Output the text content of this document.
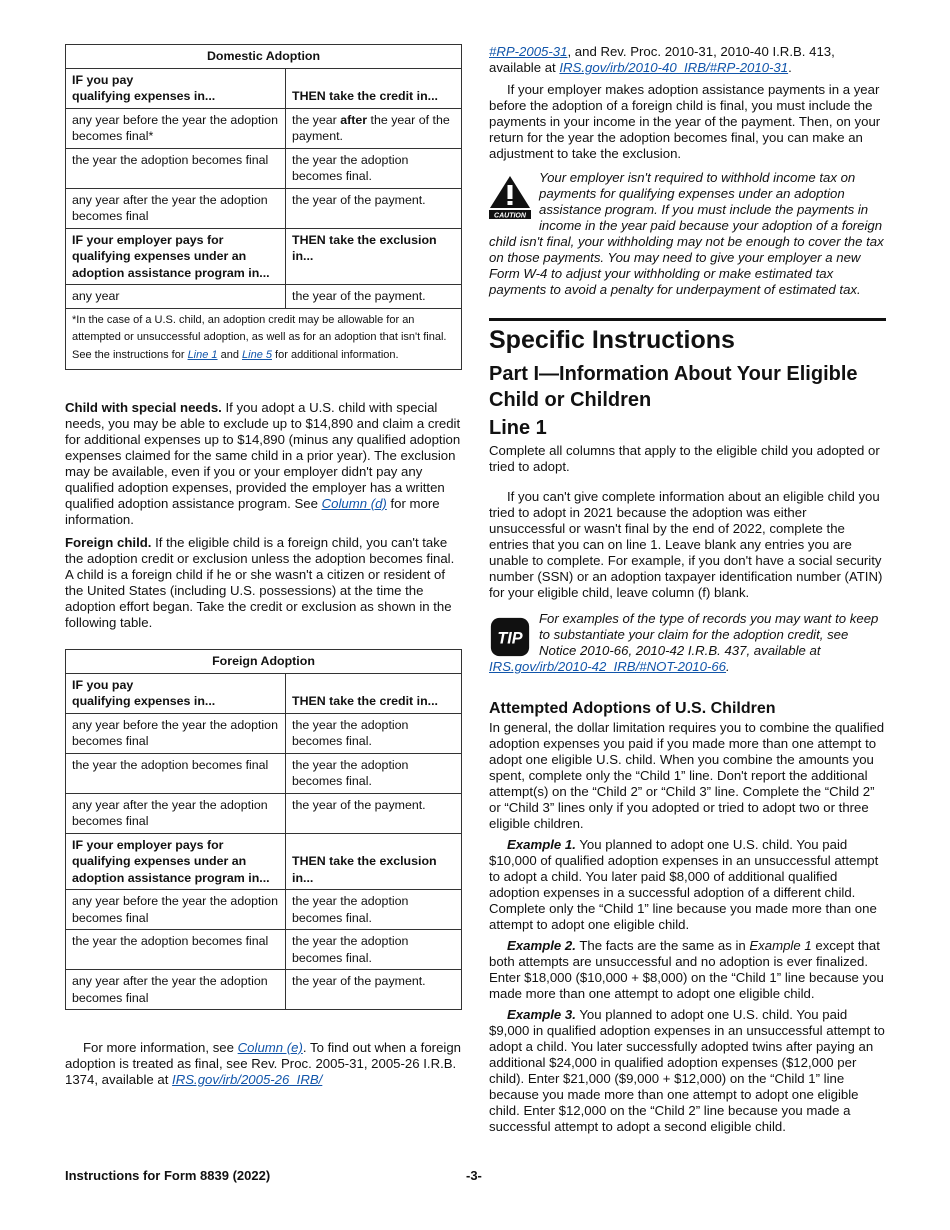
Domestic Adoption	
IF you pay
qualifying expenses in...	THEN take the credit in...
any year before the year the adoption becomes final*	the year after the year of the payment.
the year the adoption becomes final	the year the adoption becomes final.
any year after the year the adoption becomes final	the year of the payment.
IF your employer pays for qualifying expenses under an adoption assistance program in...	THEN take the exclusion in...
any year	the year of the payment.
*In the case of a U.S. child, an adoption credit may be allowable for an attempted or unsuccessful adoption, as well as for an adoption that isn't final. See the instructions for Line 1 and Line 5 for additional information.	

Child with special needs. If you adopt a U.S. child with special needs, you may be able to exclude up to $14,890 and claim a credit for additional expenses up to $14,890 (minus any qualified adoption expenses claimed for the same child in a prior year). The exclusion may be available, even if you or your employer didn't pay any qualified adoption expenses, provided the employer has a written qualified adoption assistance program. See Column (d) for more information.

Foreign child. If the eligible child is a foreign child, you can't take the adoption credit or exclusion unless the adoption becomes final. A child is a foreign child if he or she wasn't a citizen or resident of the United States (including U.S. possessions) at the time the adoption effort began. Take the credit or exclusion as shown in the following table.

Foreign Adoption	
IF you pay
qualifying expenses in...	THEN take the credit in...
any year before the year the adoption becomes final	the year the adoption becomes final.
the year the adoption becomes final	the year the adoption becomes final.
any year after the year the adoption becomes final	the year of the payment.
IF your employer pays for qualifying expenses under an adoption assistance program in...	THEN take the exclusion in...
any year before the year the adoption becomes final	the year the adoption becomes final.
the year the adoption becomes final	the year the adoption becomes final.
any year after the year the adoption becomes final	the year of the payment.

For more information, see Column (e). To find out when a foreign adoption is treated as final, see Rev. Proc. 2005-31, 2005-26 I.R.B. 1374, available at IRS.gov/irb/2005-26_IRB/

#RP-2005-31, and Rev. Proc. 2010-31, 2010-40 I.R.B. 413, available at IRS.gov/irb/2010-40_IRB/#RP-2010-31.

If your employer makes adoption assistance payments in a year before the adoption of a foreign child is final, you must include the payments in your income in the year of the payment. Then, on your return for the year the adoption becomes final, you can make an adjustment to take the exclusion.

CAUTION
Your employer isn't required to withhold income tax on payments for qualifying expenses under an adoption assistance program. If you must include the payments in income in the year paid because your adoption of a foreign child isn't final, your withholding may not be enough to cover the tax on those payments. You may need to give your employer a new Form W-4 to adjust your withholding or make estimated tax payments to avoid a penalty for underpayment of estimated tax.
Specific Instructions
Part I—Information About Your Eligible Child or Children
Line 1

Complete all columns that apply to the eligible child you adopted or tried to adopt.

If you can't give complete information about an eligible child you tried to adopt in 2021 because the adoption was either unsuccessful or wasn't final by the end of 2022, complete the entries that you can on line 1. Leave blank any entries you are unable to complete. For example, if you don't have a social security number (SSN) or an adoption taxpayer identification number (ATIN) for your eligible child, leave column (f) blank.

TIP
For examples of the type of records you may want to keep to substantiate your claim for the adoption credit, see Notice 2010-66, 2010-42 I.R.B. 437, available at IRS.gov/irb/2010-42_IRB/#NOT-2010-66.
Attempted Adoptions of U.S. Children

In general, the dollar limitation requires you to combine the qualified adoption expenses you paid if you made more than one attempt to adopt one eligible U.S. child. When you combine the amounts you spent, complete only the “Child 1” line. Don't report the additional attempt(s) on the “Child 2” or “Child 3” line. Complete the “Child 2” or “Child 3” lines only if you adopted or tried to adopt two or three eligible children.

Example 1. You planned to adopt one U.S. child. You paid $10,000 of qualified adoption expenses in an unsuccessful attempt to adopt a child. You later paid $8,000 of additional qualified adoption expenses in a successful adoption of a different child. Complete only the “Child 1” line because you made more than one attempt to adopt one eligible child.

Example 2. The facts are the same as in Example 1 except that both attempts are unsuccessful and no adoption is ever finalized. Enter $18,000 ($10,000 + $8,000) on the “Child 1” line because you made more than one attempt to adopt one eligible child.

Example 3. You planned to adopt one U.S. child. You paid $9,000 in qualified adoption expenses in an unsuccessful attempt to adopt a child. You later successfully adopted twins after paying an additional $24,000 in qualified adoption expenses ($12,000 per child). Enter $21,000 ($9,000 + $12,000) on the “Child 1” line because you made more than one attempt to adopt one eligible child. Enter $12,000 on the “Child 2” line because you made a successful attempt to adopt a second eligible child.

Instructions for Form 8839 (2022)	-3-
